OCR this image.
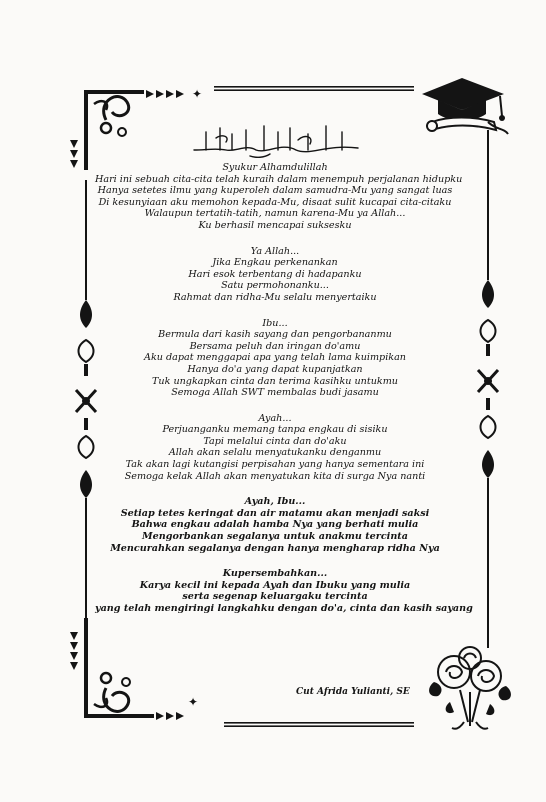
✦
✦
Syukur Alhamdulillah
Hari ini sebuah cita-cita telah kuraih dalam menempuh perjalanan hidupku
Hanya setetes ilmu yang kuperoleh dalam samudra-Mu yang sangat luas
Di kesunyiaan aku memohon kepada-Mu, disaat sulit kucapai cita-citaku
Walaupun tertatih-tatih, namun karena-Mu ya Allah...
Ku berhasil mencapai suksesku
Ya Allah...
Jika Engkau perkenankan
Hari esok terbentang di hadapanku
Satu permohonanku...
Rahmat dan ridha-Mu selalu menyertaiku
Ibu...
Bermula dari kasih sayang dan pengorbananmu
Bersama peluh dan iringan do'amu
Aku dapat menggapai apa yang telah lama kuimpikan
Hanya do'a yang dapat kupanjatkan
Tuk ungkapkan cinta dan terima kasihku untukmu
Semoga Allah SWT membalas budi jasamu
Ayah...
Perjuanganku memang tanpa engkau di sisiku
Tapi melalui cinta dan do'aku
Allah akan selalu menyatukanku denganmu
Tak akan lagi kutangisi perpisahan yang hanya sementara ini
Semoga kelak Allah akan menyatukan kita di surga Nya nanti
Ayah, Ibu...
Setiap tetes keringat dan air matamu akan menjadi saksi
Bahwa engkau adalah hamba Nya yang berhati mulia
Mengorbankan segalanya untuk anakmu tercinta
Mencurahkan segalanya dengan hanya mengharap ridha Nya
Kupersembahkan...
Karya kecil ini kepada Ayah dan Ibuku yang mulia
serta segenap keluargaku tercinta
yang telah mengiringi langkahku dengan do'a, cinta dan kasih sayang
Cut Afrida Yulianti, SE
